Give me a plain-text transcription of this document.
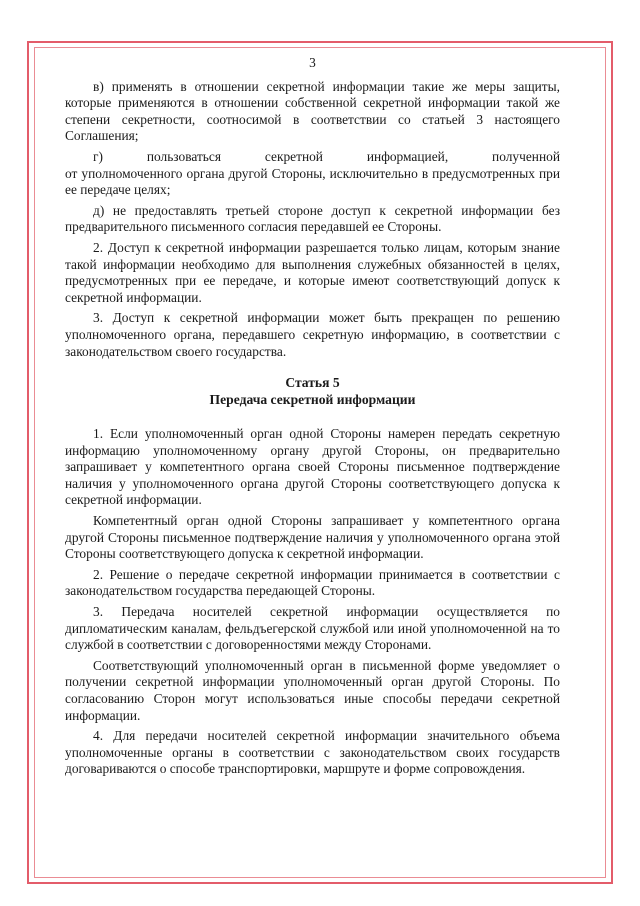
3

в) применять в отношении секретной информации такие же меры защиты, которые применяются в отношении собственной секретной информации такой же степени секретности, соотносимой в соответствии со статьей 3 настоящего Соглашения;

г) пользоваться секретной информацией, полученной

от уполномоченного органа другой Стороны, исключительно в предусмотренных при ее передаче целях;

д) не предоставлять третьей стороне доступ к секретной информации без предварительного письменного согласия передавшей ее Стороны.

2. Доступ к секретной информации разрешается только лицам, которым знание такой информации необходимо для выполнения служебных обязанностей в целях, предусмотренных при ее передаче, и которые имеют соответствующий допуск к секретной информации.

3. Доступ к секретной информации может быть прекращен по решению уполномоченного органа, передавшего секретную информацию, в соответствии с законодательством своего государства.

Статья 5
Передача секретной информации

1. Если уполномоченный орган одной Стороны намерен передать секретную информацию уполномоченному органу другой Стороны, он предварительно запрашивает у компетентного органа своей Стороны письменное подтверждение наличия у уполномоченного органа другой Стороны соответствующего допуска к секретной информации.

Компетентный орган одной Стороны запрашивает у компетентного органа другой Стороны письменное подтверждение наличия у уполномоченного органа этой Стороны соответствующего допуска к секретной информации.

2. Решение о передаче секретной информации принимается в соответствии с законодательством государства передающей Стороны.

3. Передача носителей секретной информации осуществляется по дипломатическим каналам, фельдъегерской службой или иной уполномоченной на то службой в соответствии с договоренностями между Сторонами.

Соответствующий уполномоченный орган в письменной форме уведомляет о получении секретной информации уполномоченный орган другой Стороны. По согласованию Сторон могут использоваться иные способы передачи секретной информации.

4. Для передачи носителей секретной информации значительного объема уполномоченные органы в соответствии с законодательством своих государств договариваются о способе транспортировки, маршруте и форме сопровождения.
